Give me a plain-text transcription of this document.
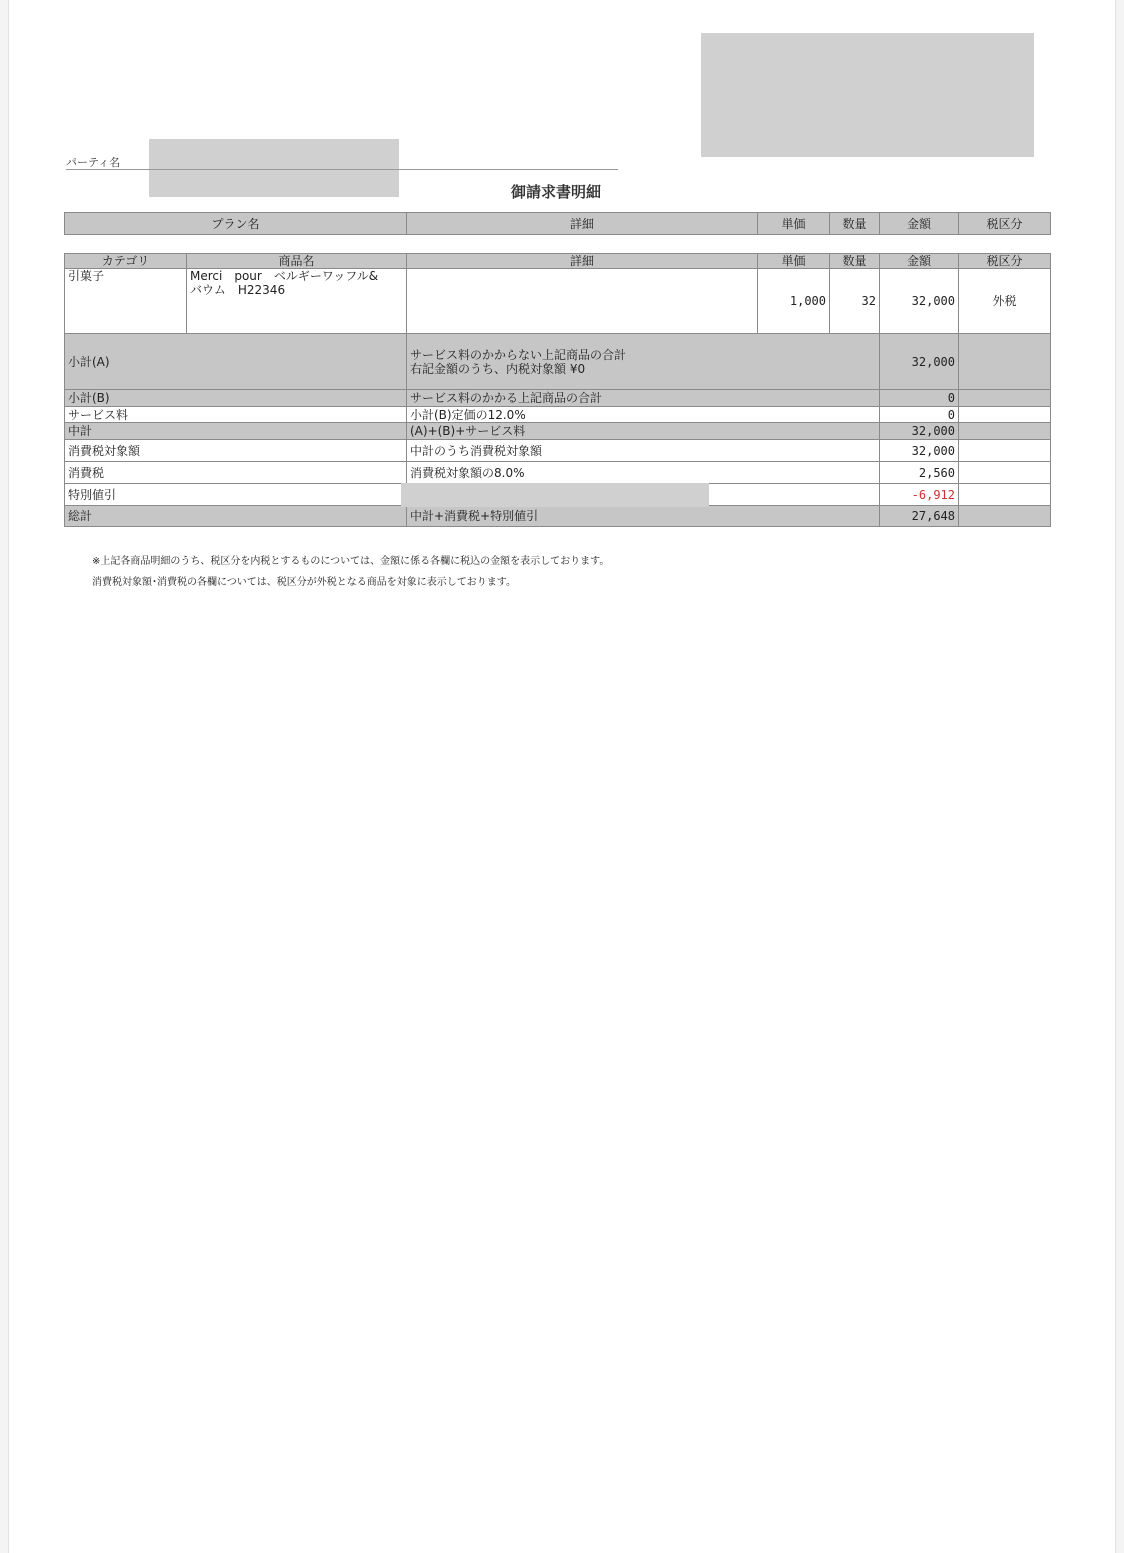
パーティ名
御請求書明細
プラン名	詳細	単価	数量	金額	税区分
カテゴリ	商品名	詳細	単価	数量	金額	税区分
引菓子	Merci　pour　ベルギーワッフル&
バウム　H22346		1,000	32	32,000	外税
小計(A)		サービス料のかからない上記商品の合計
右記金額のうち、内税対象額 ¥0			32,000	
小計(B)		サービス料のかかる上記商品の合計			0	
サービス料		小計(B)定価の12.0%			0	
中計		(A)+(B)+サービス料			32,000	
消費税対象額		中計のうち消費税対象額			32,000	
消費税		消費税対象額の8.0%			2,560	
特別値引					-6,912	
総計		中計+消費税+特別値引			27,648	
※上記各商品明細のうち、税区分を内税とするものについては、金額に係る各欄に税込の金額を表示しております。
消費税対象額･消費税の各欄については、税区分が外税となる商品を対象に表示しております。
